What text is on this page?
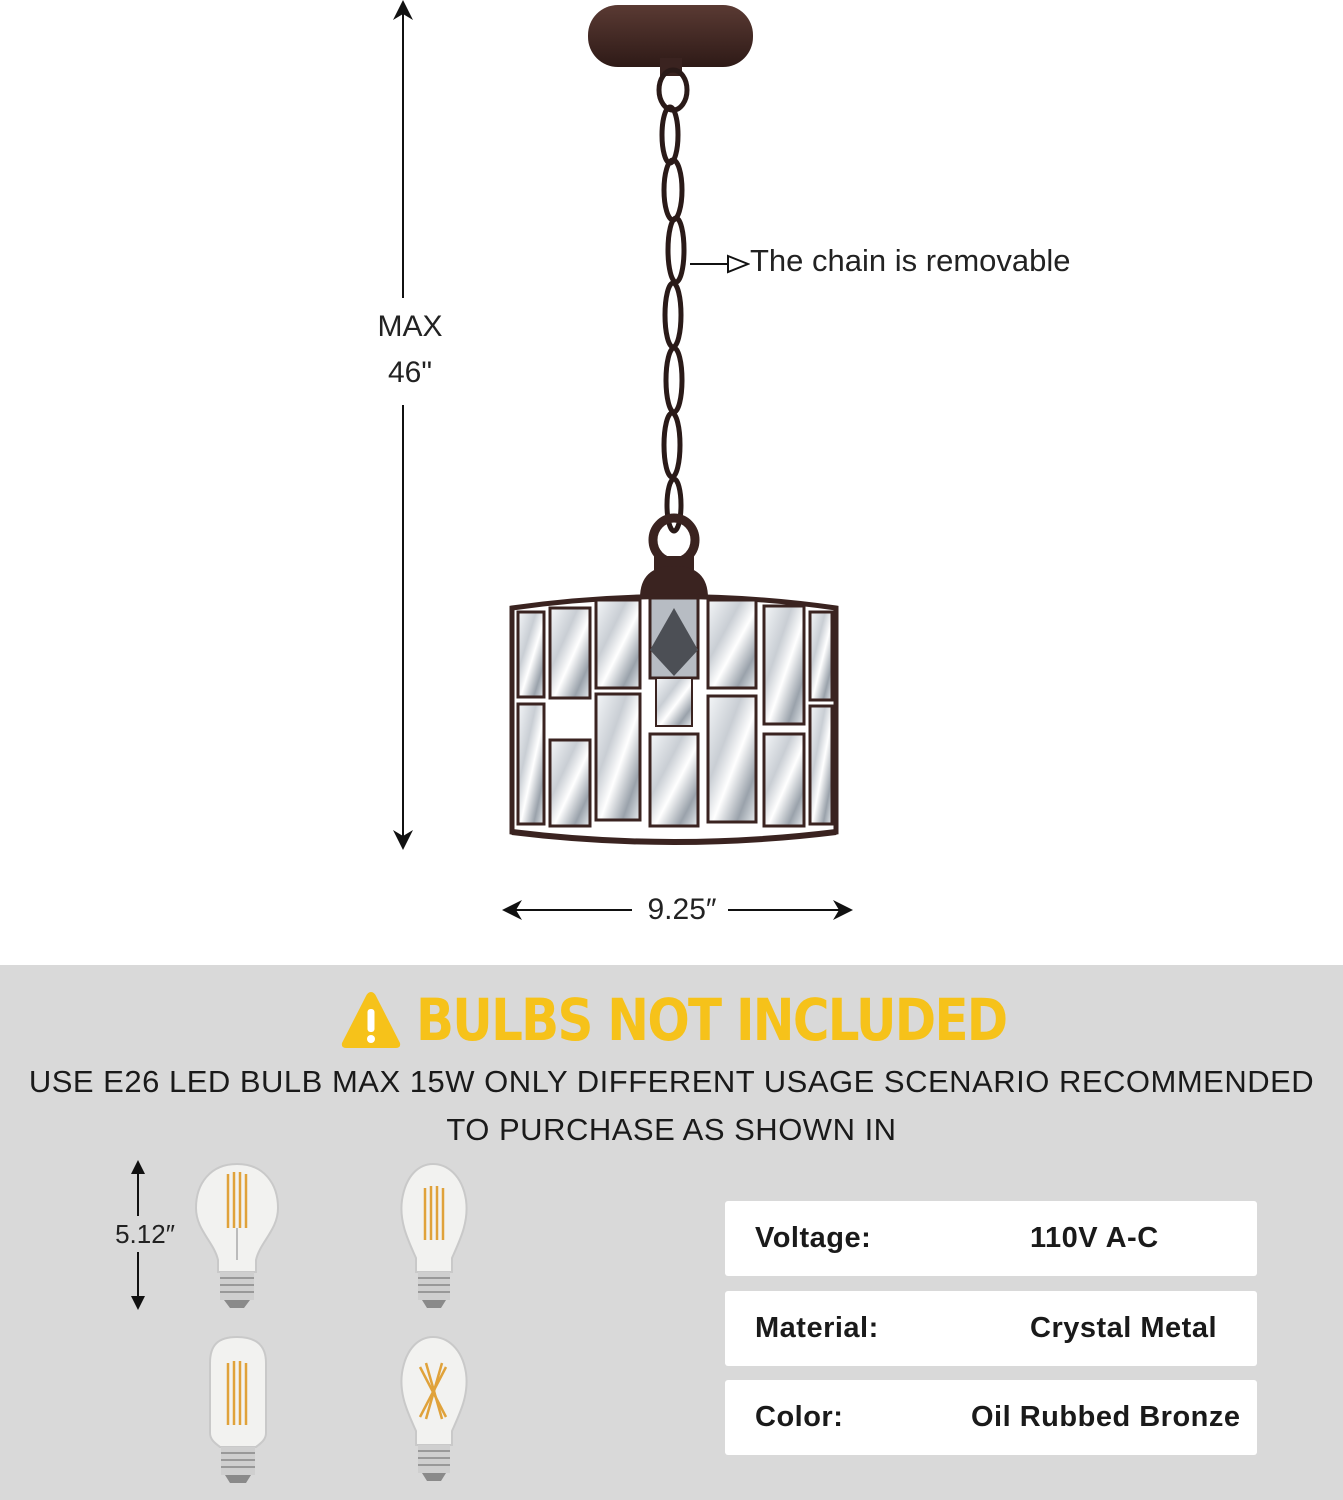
MAX
46"
9.25″
The chain is removable
BULBS NOT INCLUDED
USE E26 LED BULB MAX 15W ONLY DIFFERENT USAGE SCENARIO RECOMMENDED
TO PURCHASE AS SHOWN IN
5.12″	Voltage:	110V A-C
Material:	Crystal Metal
Color:	Oil Rubbed Bronze
